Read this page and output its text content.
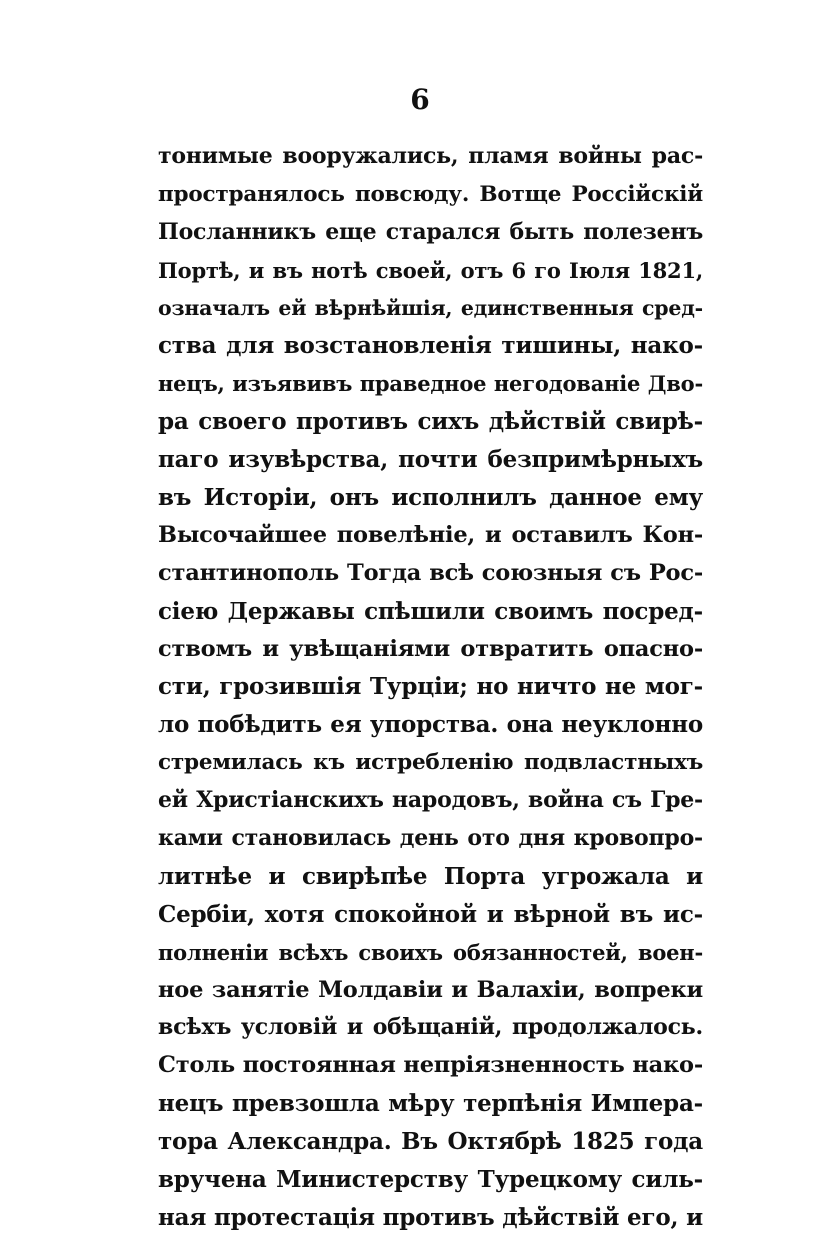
6
тонимые вооружались, пламя войны рас-
пространялось повсюду. Вотще Россійскій
Посланникъ еще старался быть полезенъ
Портѣ, и въ нотѣ своей, отъ 6 го Іюля 1821,
означалъ ей вѣрнѣйшія, единственныя сред-
ства для возстановленія тишины, нако-
нецъ, изъявивъ праведное негодованіе Дво-
ра своего противъ сихъ дѣйствій свирѣ-
паго изувѣрства, почти безпримѣрныхъ
въ Исторіи, онъ исполнилъ данное ему
Высочайшее повелѣніе, и оставилъ Кон-
стантинополь Тогда всѣ союзныя съ Рос-
сіею Державы спѣшили своимъ посред-
ствомъ и увѣщаніями отвратить опасно-
сти, грозившія Турціи; но ничто не мог-
ло побѣдить ея упорства. она неуклонно
стремилась къ истребленію подвластныхъ
ей Христіанскихъ народовъ, война съ Гре-
ками становилась день ото дня кровопро-
литнѣе и свирѣпѣе Порта угрожала и
Сербіи, хотя спокойной и вѣрной въ ис-
полненіи всѣхъ своихъ обязанностей, воен-
ное занятіе Молдавіи и Валахіи, вопреки
всѣхъ условій и обѣщаній, продолжалось.
Столь постоянная непріязненность нако-
нецъ превзошла мѣру терпѣнія Импера-
тора Александра. Въ Октябрѣ 1825 года
вручена Министерству Турецкому силь-
ная протестація противъ дѣйствій его, и
